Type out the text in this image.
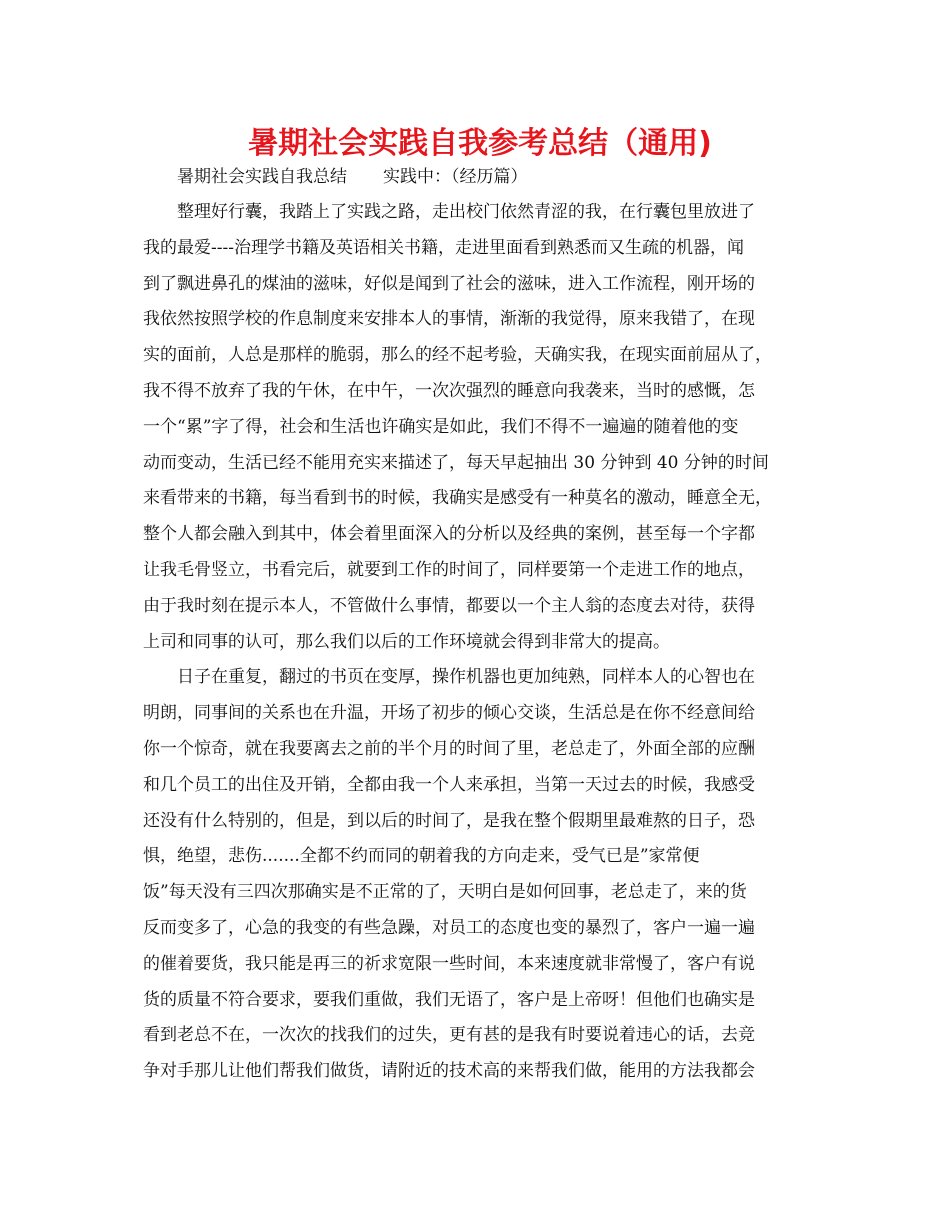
暑期社会实践自我参考总结（通用)
暑期社会实践自我总结 实践中：（经历篇）
整理好行囊，我踏上了实践之路，走出校门依然青涩的我，在行囊包里放进了
我的最爱----治理学书籍及英语相关书籍，走进里面看到熟悉而又生疏的机器，闻
到了飘进鼻孔的煤油的滋味，好似是闻到了社会的滋味，进入工作流程，刚开场的
我依然按照学校的作息制度来安排本人的事情，渐渐的我觉得，原来我错了，在现
实的面前，人总是那样的脆弱，那么的经不起考验，天确实我，在现实面前屈从了，
我不得不放弃了我的午休，在中午，一次次强烈的睡意向我袭来，当时的感慨，怎
一个“累”字了得，社会和生活也许确实是如此，我们不得不一遍遍的随着他的变
动而变动，生活已经不能用充实来描述了，每天早起抽出 30 分钟到 40 分钟的时间
来看带来的书籍，每当看到书的时候，我确实是感受有一种莫名的激动，睡意全无，
整个人都会融入到其中，体会着里面深入的分析以及经典的案例，甚至每一个字都
让我毛骨竖立，书看完后，就要到工作的时间了，同样要第一个走进工作的地点，
由于我时刻在提示本人，不管做什么事情，都要以一个主人翁的态度去对待，获得
上司和同事的认可，那么我们以后的工作环境就会得到非常大的提高。
日子在重复，翻过的书页在变厚，操作机器也更加纯熟，同样本人的心智也在
明朗，同事间的关系也在升温，开场了初步的倾心交谈，生活总是在你不经意间给
你一个惊奇，就在我要离去之前的半个月的时间了里，老总走了，外面全部的应酬
和几个员工的出住及开销，全都由我一个人来承担，当第一天过去的时候，我感受
还没有什么特别的，但是，到以后的时间了，是我在整个假期里最难熬的日子，恐
惧，绝望，悲伤.......全都不约而同的朝着我的方向走来，受气已是”家常便
饭”每天没有三四次那确实是不正常的了，天明白是如何回事，老总走了，来的货
反而变多了，心急的我变的有些急躁，对员工的态度也变的暴烈了，客户一遍一遍
的催着要货，我只能是再三的祈求宽限一些时间，本来速度就非常慢了，客户有说
货的质量不符合要求，要我们重做，我们无语了，客户是上帝呀！但他们也确实是
看到老总不在，一次次的找我们的过失，更有甚的是我有时要说着违心的话，去竞
争对手那儿让他们帮我们做货，请附近的技术高的来帮我们做，能用的方法我都会
